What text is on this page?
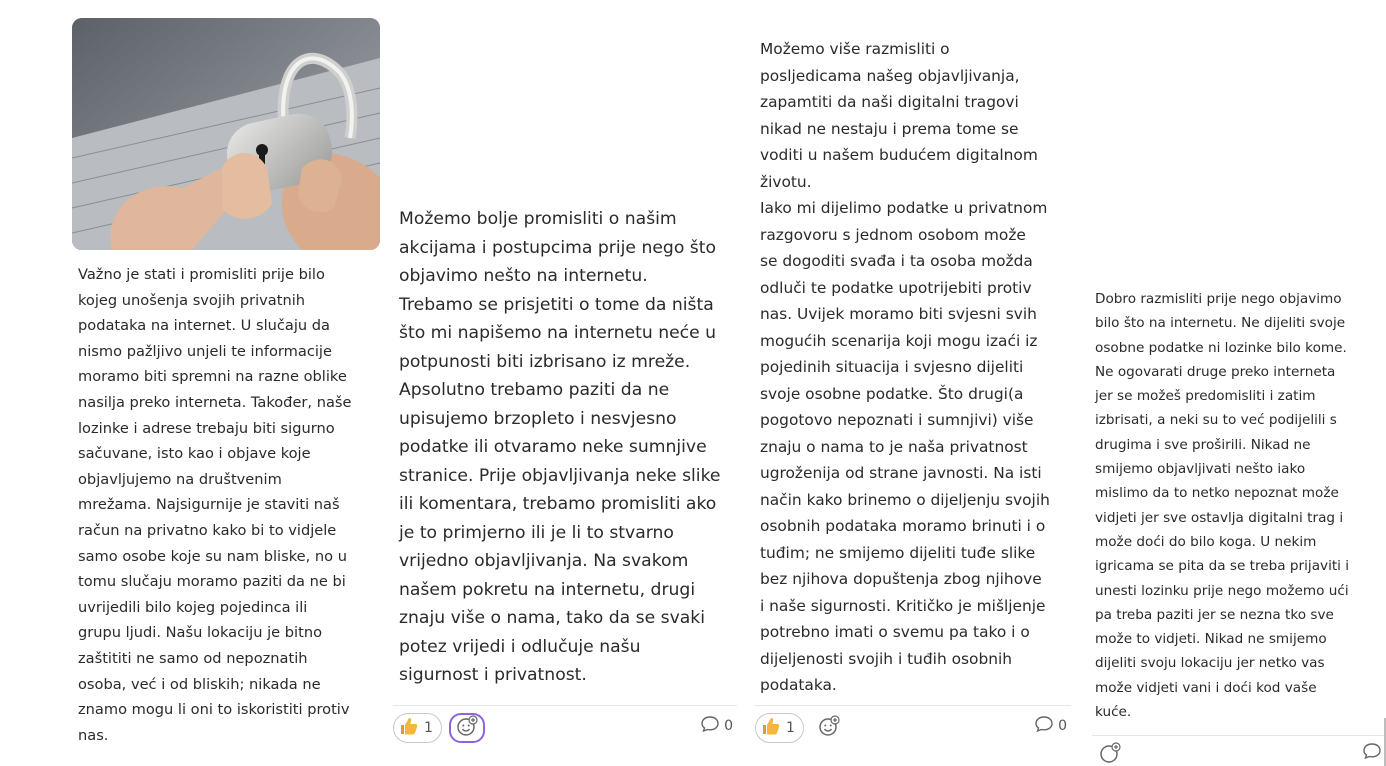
Važno je stati i promisliti prije bilo
kojeg unošenja svojih privatnih
podataka na internet. U slučaju da
nismo pažljivo unjeli te informacije
moramo biti spremni na razne oblike
nasilja preko interneta. Također, naše
lozinke i adrese trebaju biti sigurno
sačuvane, isto kao i objave koje
objavljujemo na društvenim
mrežama. Najsigurnije je staviti naš
račun na privatno kako bi to vidjele
samo osobe koje su nam bliske, no u
tomu slučaju moramo paziti da ne bi
uvrijedili bilo kojeg pojedinca ili
grupu ljudi. Našu lokaciju je bitno
zaštititi ne samo od nepoznatih
osoba, već i od bliskih; nikada ne
znamo mogu li oni to iskoristiti protiv
nas.

Možemo bolje promisliti o našim
akcijama i postupcima prije nego što
objavimo nešto na internetu.
Trebamo se prisjetiti o tome da ništa
što mi napišemo na internetu neće u
potpunosti biti izbrisano iz mreže.
Apsolutno trebamo paziti da ne
upisujemo brzopleto i nesvjesno
podatke ili otvaramo neke sumnjive
stranice. Prije objavljivanja neke slike
ili komentara, trebamo promisliti ako
je to primjerno ili je li to stvarno
vrijedno objavljivanja. Na svakom
našem pokretu na internetu, drugi
znaju više o nama, tako da se svaki
potez vrijedi i odlučuje našu
sigurnost i privatnost.

1	0

Možemo više razmisliti o
posljedicama našeg objavljivanja,
zapamtiti da naši digitalni tragovi
nikad ne nestaju i prema tome se
voditi u našem budućem digitalnom
životu.
Iako mi dijelimo podatke u privatnom
razgovoru s jednom osobom može
se dogoditi svađa i ta osoba možda
odluči te podatke upotrijebiti protiv
nas. Uvijek moramo biti svjesni svih
mogućih scenarija koji mogu izaći iz
pojedinih situacija i svjesno dijeliti
svoje osobne podatke. Što drugi(a
pogotovo nepoznati i sumnjivi) više
znaju o nama to je naša privatnost
ugroženija od strane javnosti. Na isti
način kako brinemo o dijeljenju svojih
osobnih podataka moramo brinuti i o
tuđim; ne smijemo dijeliti tuđe slike
bez njihova dopuštenja zbog njihove
i naše sigurnosti. Kritičko je mišljenje
potrebno imati o svemu pa tako i o
dijeljenosti svojih i tuđih osobnih
podataka.

1	0

Dobro razmisliti prije nego objavimo
bilo što na internetu. Ne dijeliti svoje
osobne podatke ni lozinke bilo kome.
Ne ogovarati druge preko interneta
jer se možeš predomisliti i zatim
izbrisati, a neki su to već podijelili s
drugima i sve proširili. Nikad ne
smijemo objavljivati nešto iako
mislimo da to netko nepoznat može
vidjeti jer sve ostavlja digitalni trag i
može doći do bilo koga. U nekim
igricama se pita da se treba prijaviti i
unesti lozinku prije nego možemo ući
pa treba paziti jer se nezna tko sve
može to vidjeti. Nikad ne smijemo
dijeliti svoju lokaciju jer netko vas
može vidjeti vani i doći kod vaše
kuće.
